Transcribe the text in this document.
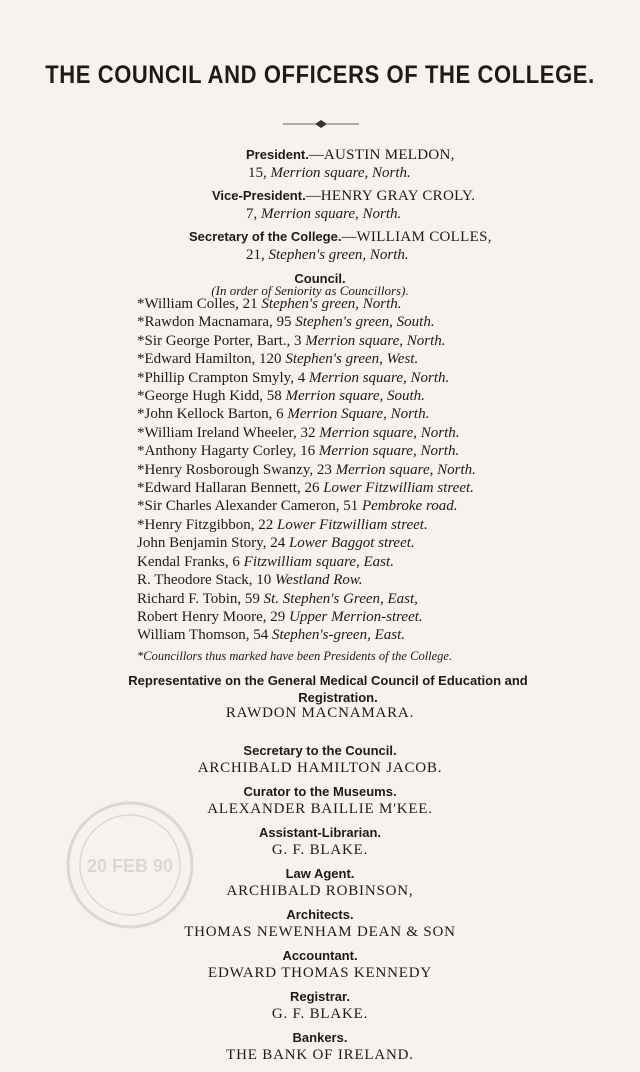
THE COUNCIL AND OFFICERS OF THE COLLEGE.
President.—AUSTIN MELDON,
15, Merrion square, North.
Vice-President.—HENRY GRAY CROLY.
7, Merrion square, North.
Secretary of the College.—WILLIAM COLLES,
21, Stephen's green, North.
Council.
(In order of Seniority as Councillors).
*William Colles, 21 Stephen's green, North.
*Rawdon Macnamara, 95 Stephen's green, South.
*Sir George Porter, Bart., 3 Merrion square, North.
*Edward Hamilton, 120 Stephen's green, West.
*Phillip Crampton Smyly, 4 Merrion square, North.
*George Hugh Kidd, 58 Merrion square, South.
*John Kellock Barton, 6 Merrion Square, North.
*William Ireland Wheeler, 32 Merrion square, North.
*Anthony Hagarty Corley, 16 Merrion square, North.
*Henry Rosborough Swanzy, 23 Merrion square, North.
*Edward Hallaran Bennett, 26 Lower Fitzwilliam street.
*Sir Charles Alexander Cameron, 51 Pembroke road.
*Henry Fitzgibbon, 22 Lower Fitzwilliam street.
John Benjamin Story, 24 Lower Baggot street.
Kendal Franks, 6 Fitzwilliam square, East.
R. Theodore Stack, 10 Westland Row.
Richard F. Tobin, 59 St. Stephen's Green, East,
Robert Henry Moore, 29 Upper Merrion-street.
William Thomson, 54 Stephen's-green, East.
*Councillors thus marked have been Presidents of the College.
Representative on the General Medical Council of Education and
Registration.
RAWDON MACNAMARA.
Secretary to the Council.
ARCHIBALD HAMILTON JACOB.
Curator to the Museums.
ALEXANDER BAILLIE M'KEE.
Assistant-Librarian.
G. F. BLAKE.
Law Agent.
ARCHIBALD ROBINSON,
Architects.
THOMAS NEWENHAM DEAN & SON
Accountant.
EDWARD THOMAS KENNEDY
Registrar.
G. F. BLAKE.
Bankers.
THE BANK OF IRELAND.
20 FEB 90
